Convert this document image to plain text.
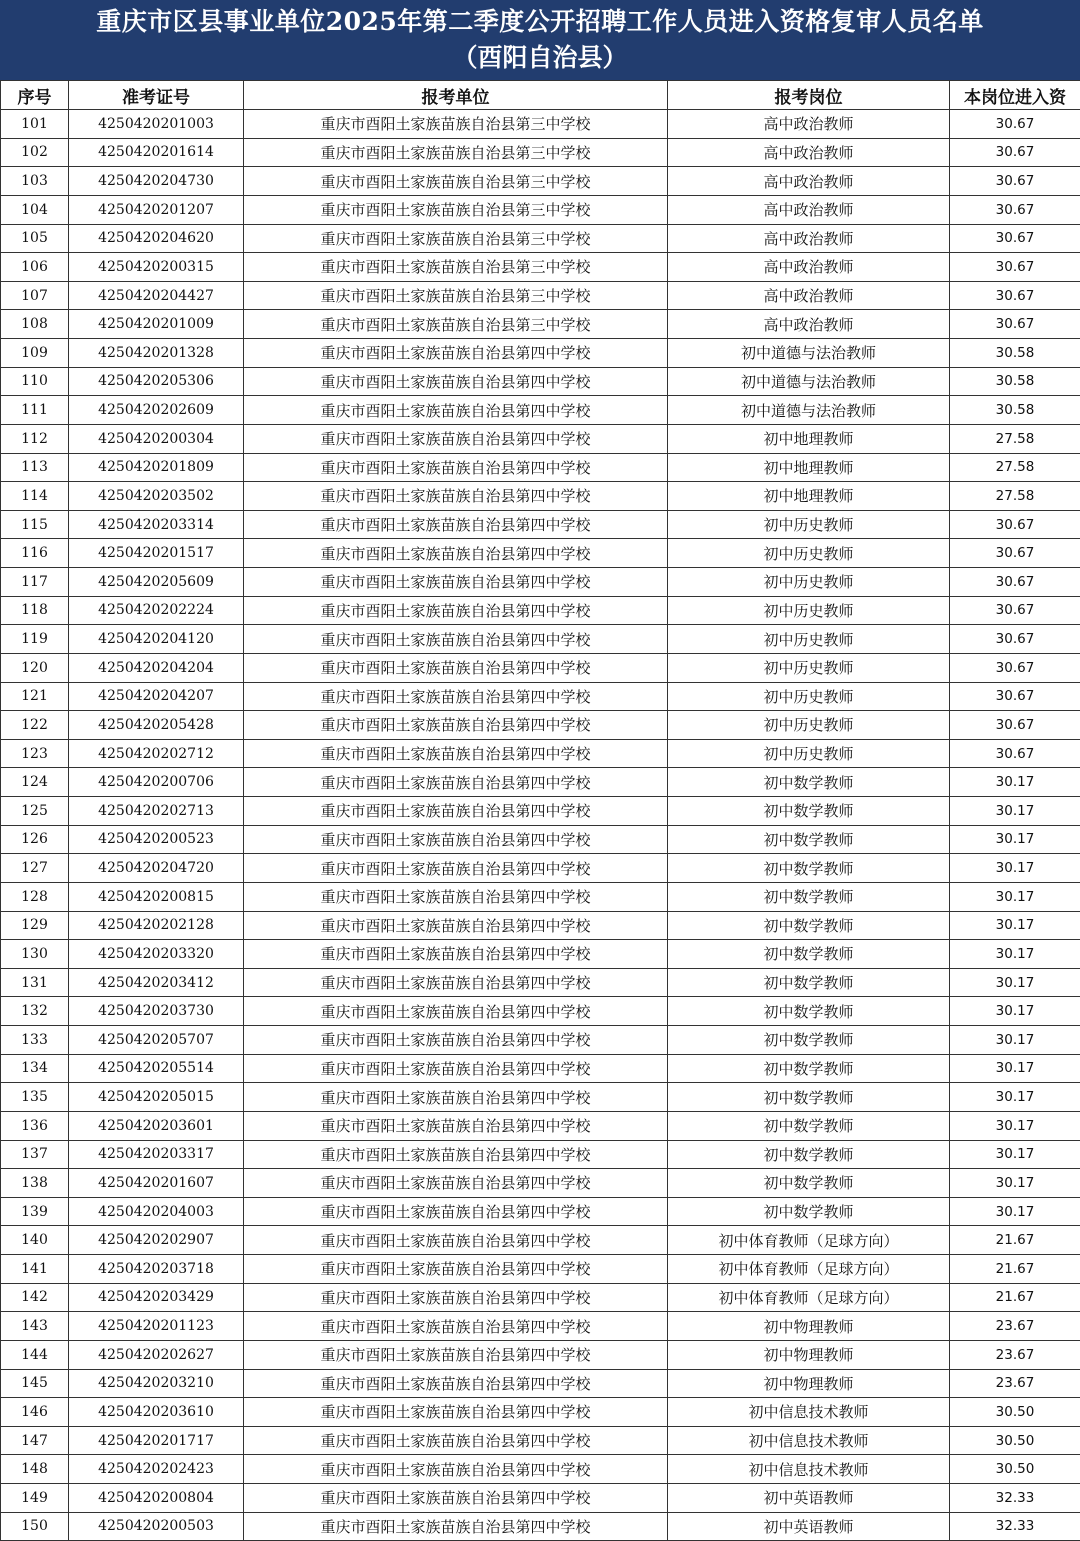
重庆市区县事业单位2025年第二季度公开招聘工作人员进入资格复审人员名单
（酉阳自治县）
序号	准考证号	报考单位	报考岗位	本岗位进入资
101	4250420201003	重庆市酉阳土家族苗族自治县第三中学校	高中政治教师	30.67
102	4250420201614	重庆市酉阳土家族苗族自治县第三中学校	高中政治教师	30.67
103	4250420204730	重庆市酉阳土家族苗族自治县第三中学校	高中政治教师	30.67
104	4250420201207	重庆市酉阳土家族苗族自治县第三中学校	高中政治教师	30.67
105	4250420204620	重庆市酉阳土家族苗族自治县第三中学校	高中政治教师	30.67
106	4250420200315	重庆市酉阳土家族苗族自治县第三中学校	高中政治教师	30.67
107	4250420204427	重庆市酉阳土家族苗族自治县第三中学校	高中政治教师	30.67
108	4250420201009	重庆市酉阳土家族苗族自治县第三中学校	高中政治教师	30.67
109	4250420201328	重庆市酉阳土家族苗族自治县第四中学校	初中道德与法治教师	30.58
110	4250420205306	重庆市酉阳土家族苗族自治县第四中学校	初中道德与法治教师	30.58
111	4250420202609	重庆市酉阳土家族苗族自治县第四中学校	初中道德与法治教师	30.58
112	4250420200304	重庆市酉阳土家族苗族自治县第四中学校	初中地理教师	27.58
113	4250420201809	重庆市酉阳土家族苗族自治县第四中学校	初中地理教师	27.58
114	4250420203502	重庆市酉阳土家族苗族自治县第四中学校	初中地理教师	27.58
115	4250420203314	重庆市酉阳土家族苗族自治县第四中学校	初中历史教师	30.67
116	4250420201517	重庆市酉阳土家族苗族自治县第四中学校	初中历史教师	30.67
117	4250420205609	重庆市酉阳土家族苗族自治县第四中学校	初中历史教师	30.67
118	4250420202224	重庆市酉阳土家族苗族自治县第四中学校	初中历史教师	30.67
119	4250420204120	重庆市酉阳土家族苗族自治县第四中学校	初中历史教师	30.67
120	4250420204204	重庆市酉阳土家族苗族自治县第四中学校	初中历史教师	30.67
121	4250420204207	重庆市酉阳土家族苗族自治县第四中学校	初中历史教师	30.67
122	4250420205428	重庆市酉阳土家族苗族自治县第四中学校	初中历史教师	30.67
123	4250420202712	重庆市酉阳土家族苗族自治县第四中学校	初中历史教师	30.67
124	4250420200706	重庆市酉阳土家族苗族自治县第四中学校	初中数学教师	30.17
125	4250420202713	重庆市酉阳土家族苗族自治县第四中学校	初中数学教师	30.17
126	4250420200523	重庆市酉阳土家族苗族自治县第四中学校	初中数学教师	30.17
127	4250420204720	重庆市酉阳土家族苗族自治县第四中学校	初中数学教师	30.17
128	4250420200815	重庆市酉阳土家族苗族自治县第四中学校	初中数学教师	30.17
129	4250420202128	重庆市酉阳土家族苗族自治县第四中学校	初中数学教师	30.17
130	4250420203320	重庆市酉阳土家族苗族自治县第四中学校	初中数学教师	30.17
131	4250420203412	重庆市酉阳土家族苗族自治县第四中学校	初中数学教师	30.17
132	4250420203730	重庆市酉阳土家族苗族自治县第四中学校	初中数学教师	30.17
133	4250420205707	重庆市酉阳土家族苗族自治县第四中学校	初中数学教师	30.17
134	4250420205514	重庆市酉阳土家族苗族自治县第四中学校	初中数学教师	30.17
135	4250420205015	重庆市酉阳土家族苗族自治县第四中学校	初中数学教师	30.17
136	4250420203601	重庆市酉阳土家族苗族自治县第四中学校	初中数学教师	30.17
137	4250420203317	重庆市酉阳土家族苗族自治县第四中学校	初中数学教师	30.17
138	4250420201607	重庆市酉阳土家族苗族自治县第四中学校	初中数学教师	30.17
139	4250420204003	重庆市酉阳土家族苗族自治县第四中学校	初中数学教师	30.17
140	4250420202907	重庆市酉阳土家族苗族自治县第四中学校	初中体育教师（足球方向）	21.67
141	4250420203718	重庆市酉阳土家族苗族自治县第四中学校	初中体育教师（足球方向）	21.67
142	4250420203429	重庆市酉阳土家族苗族自治县第四中学校	初中体育教师（足球方向）	21.67
143	4250420201123	重庆市酉阳土家族苗族自治县第四中学校	初中物理教师	23.67
144	4250420202627	重庆市酉阳土家族苗族自治县第四中学校	初中物理教师	23.67
145	4250420203210	重庆市酉阳土家族苗族自治县第四中学校	初中物理教师	23.67
146	4250420203610	重庆市酉阳土家族苗族自治县第四中学校	初中信息技术教师	30.50
147	4250420201717	重庆市酉阳土家族苗族自治县第四中学校	初中信息技术教师	30.50
148	4250420202423	重庆市酉阳土家族苗族自治县第四中学校	初中信息技术教师	30.50
149	4250420200804	重庆市酉阳土家族苗族自治县第四中学校	初中英语教师	32.33
150	4250420200503	重庆市酉阳土家族苗族自治县第四中学校	初中英语教师	32.33
